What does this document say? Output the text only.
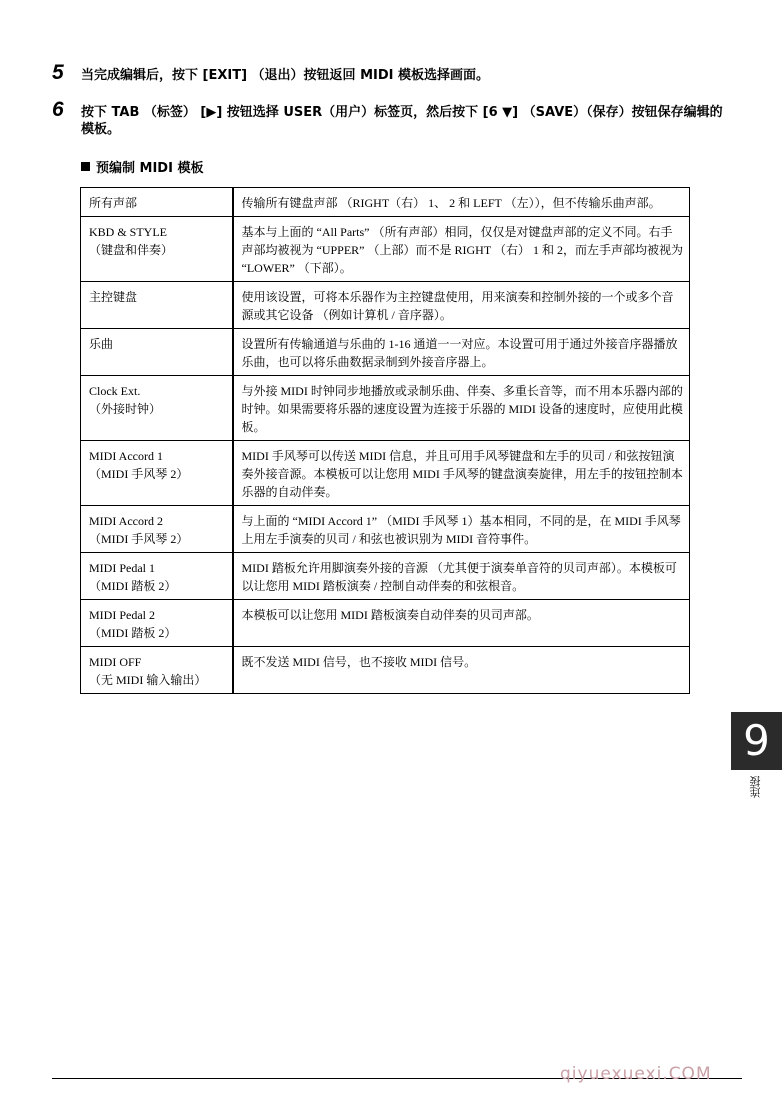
5	当完成编辑后，按下 [EXIT] （退出）按钮返回 MIDI 模板选择画面。
6	按下 TAB （标签） [▶] 按钮选择 USER（用户）标签页，然后按下 [6 ▼] （SAVE）（保存）按钮保存编辑的模板。
预编制 MIDI 模板
所有声部	传输所有键盘声部 （RIGHT（右） 1、 2 和 LEFT （左）），但不传输乐曲声部。

KBD & STYLE
（键盘和伴奏）	基本与上面的 “All Parts” （所有声部）相同，仅仅是对键盘声部的定义不同。右手声部均被视为 “UPPER” （上部）而不是 RIGHT （右） 1 和 2，而左手声部均被视为 “LOWER” （下部）。

主控键盘	使用该设置，可将本乐器作为主控键盘使用，用来演奏和控制外接的一个或多个音源或其它设备 （例如计算机 / 音序器）。

乐曲	设置所有传输通道与乐曲的 1-16 通道一一对应。本设置可用于通过外接音序器播放乐曲，也可以将乐曲数据录制到外接音序器上。

Clock Ext.
（外接时钟）	与外接 MIDI 时钟同步地播放或录制乐曲、伴奏、多重长音等，而不用本乐器内部的时钟。如果需要将乐器的速度设置为连接于乐器的 MIDI 设备的速度时，应使用此模板。

MIDI Accord 1
（MIDI 手风琴 2）	MIDI 手风琴可以传送 MIDI 信息，并且可用手风琴键盘和左手的贝司 / 和弦按钮演奏外接音源。本模板可以让您用 MIDI 手风琴的键盘演奏旋律，用左手的按钮控制本乐器的自动伴奏。

MIDI Accord 2
（MIDI 手风琴 2）	与上面的 “MIDI Accord 1” （MIDI 手风琴 1）基本相同，不同的是，在 MIDI 手风琴上用左手演奏的贝司 / 和弦也被识别为 MIDI 音符事件。

MIDI Pedal 1
（MIDI 踏板 2）	MIDI 踏板允许用脚演奏外接的音源 （尤其便于演奏单音符的贝司声部）。本模板可以让您用 MIDI 踏板演奏 / 控制自动伴奏的和弦根音。

MIDI Pedal 2
（MIDI 踏板 2）	本模板可以让您用 MIDI 踏板演奏自动伴奏的贝司声部。

MIDI OFF
（无 MIDI 输入输出）	既不发送 MIDI 信号，也不接收 MIDI 信号。
9
连接
qiyuexuexi.COM
